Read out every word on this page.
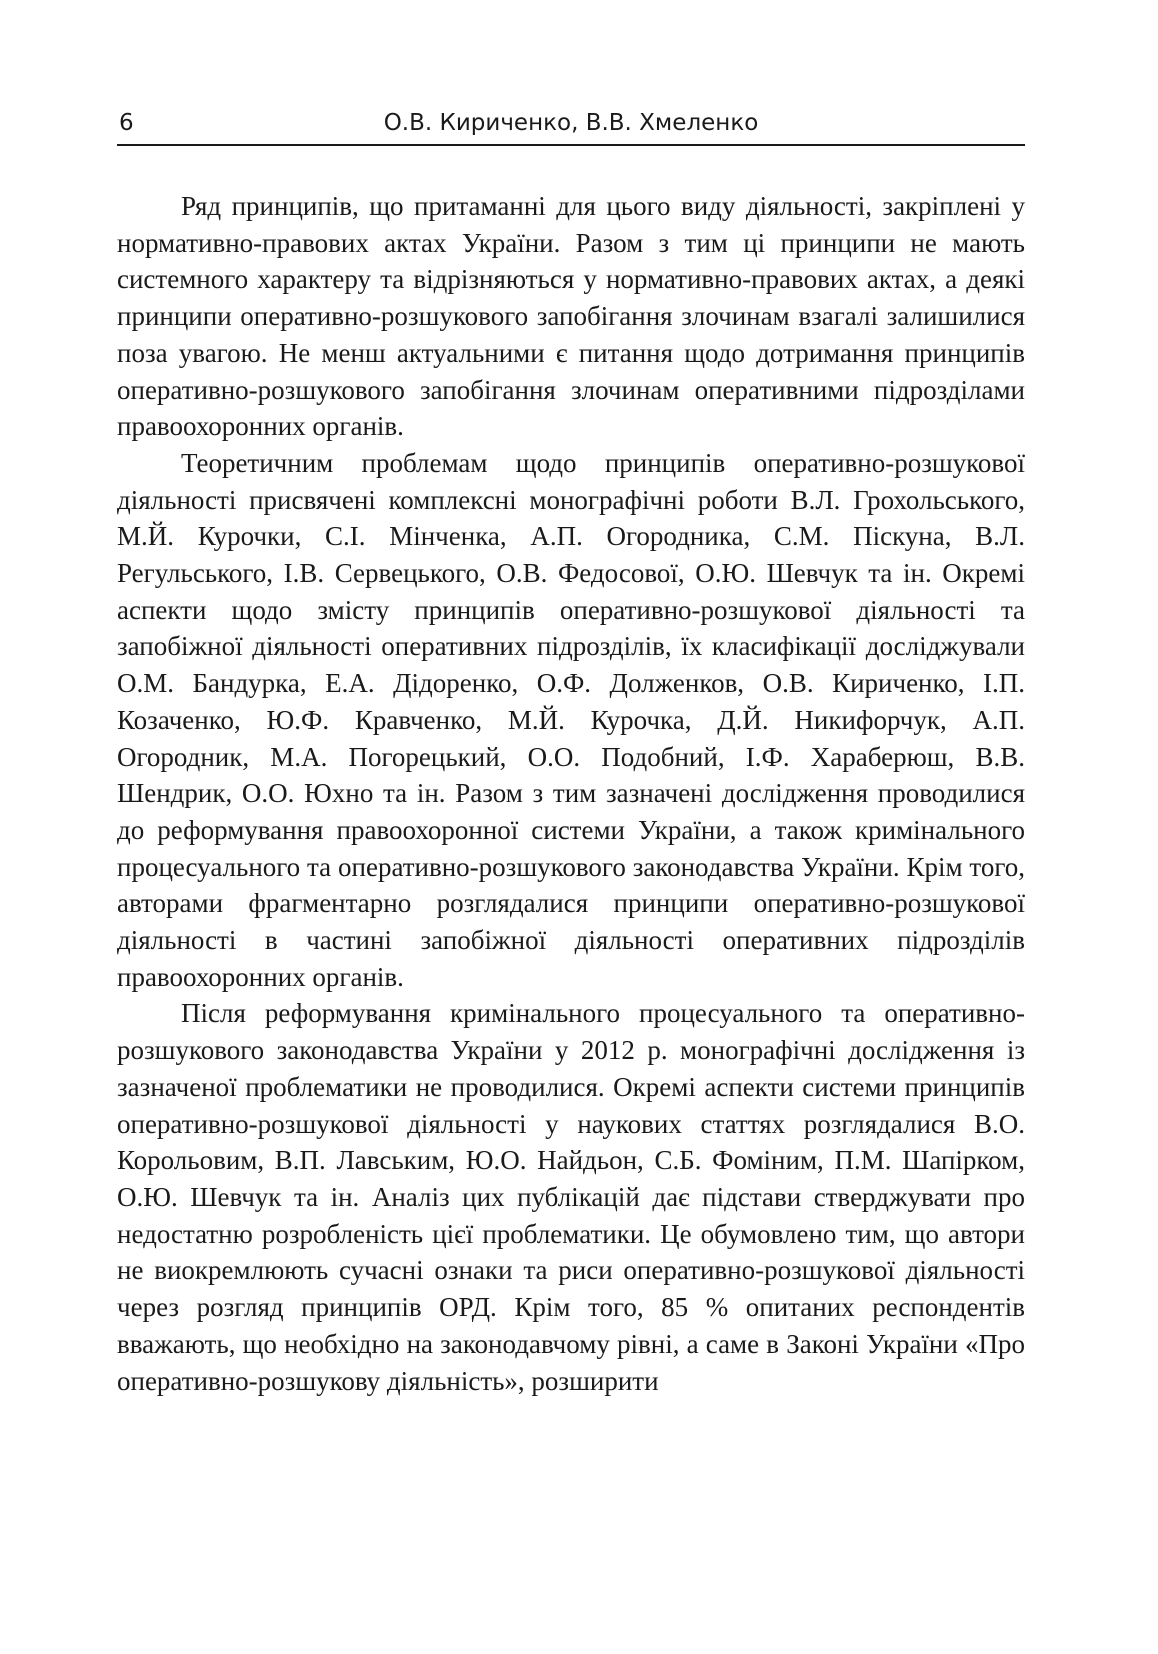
6	О.В. Кириченко, В.В. Хмеленко

Ряд принципів, що притаманні для цього виду діяльності, закріплені у нормативно-правових актах України. Разом з тим ці принципи не мають системного характеру та відрізняються у нормативно-правових актах, а деякі принципи оперативно-розшукового запобігання злочинам взагалі залишилися поза увагою. Не менш актуальними є питання щодо дотримання принципів оперативно-розшукового запобігання злочинам оперативними підрозділами правоохоронних органів.

Теоретичним проблемам щодо принципів оперативно-розшукової діяльності присвячені комплексні монографічні роботи В.Л. Грохольського, М.Й. Курочки, С.І. Мінченка, А.П. Огородника, С.М. Піскуна, В.Л. Регульського, І.В. Сервецького, О.В. Федосової, О.Ю. Шевчук та ін. Окремі аспекти щодо змісту принципів оперативно-розшукової діяльності та запобіжної діяльності оперативних підрозділів, їх класифікації досліджували О.М. Бандурка, Е.А. Дідоренко, О.Ф. Долженков, О.В. Кириченко, І.П. Козаченко, Ю.Ф. Кравченко, М.Й. Курочка, Д.Й. Никифорчук, А.П. Огородник, М.А. Погорецький, О.О. Подобний, І.Ф. Хараберюш, В.В. Шендрик, О.О. Юхно та ін. Разом з тим зазначені дослідження проводилися до реформування правоохоронної системи України, а також кримінального процесуального та оперативно-розшукового законодавства України. Крім того, авторами фрагментарно розглядалися принципи оперативно-розшукової діяльності в частині запобіжної діяльності оперативних підрозділів правоохоронних органів.

Після реформування кримінального процесуального та оперативно-розшукового законодавства України у 2012 р. монографічні дослідження із зазначеної проблематики не проводилися. Окремі аспекти системи принципів оперативно-розшукової діяльності у наукових статтях розглядалися В.О. Корольовим, В.П. Лавським, Ю.О. Найдьон, С.Б. Фоміним, П.М. Шапірком, О.Ю. Шевчук та ін. Аналіз цих публікацій дає підстави стверджувати про недостатню розробленість цієї проблематики. Це обумовлено тим, що автори не виокремлюють сучасні ознаки та риси оперативно-розшукової діяльності через розгляд принципів ОРД. Крім того, 85 % опитаних респондентів вважають, що необхідно на законодавчому рівні, а саме в Законі України «Про оперативно-розшукову діяльність», розширити
